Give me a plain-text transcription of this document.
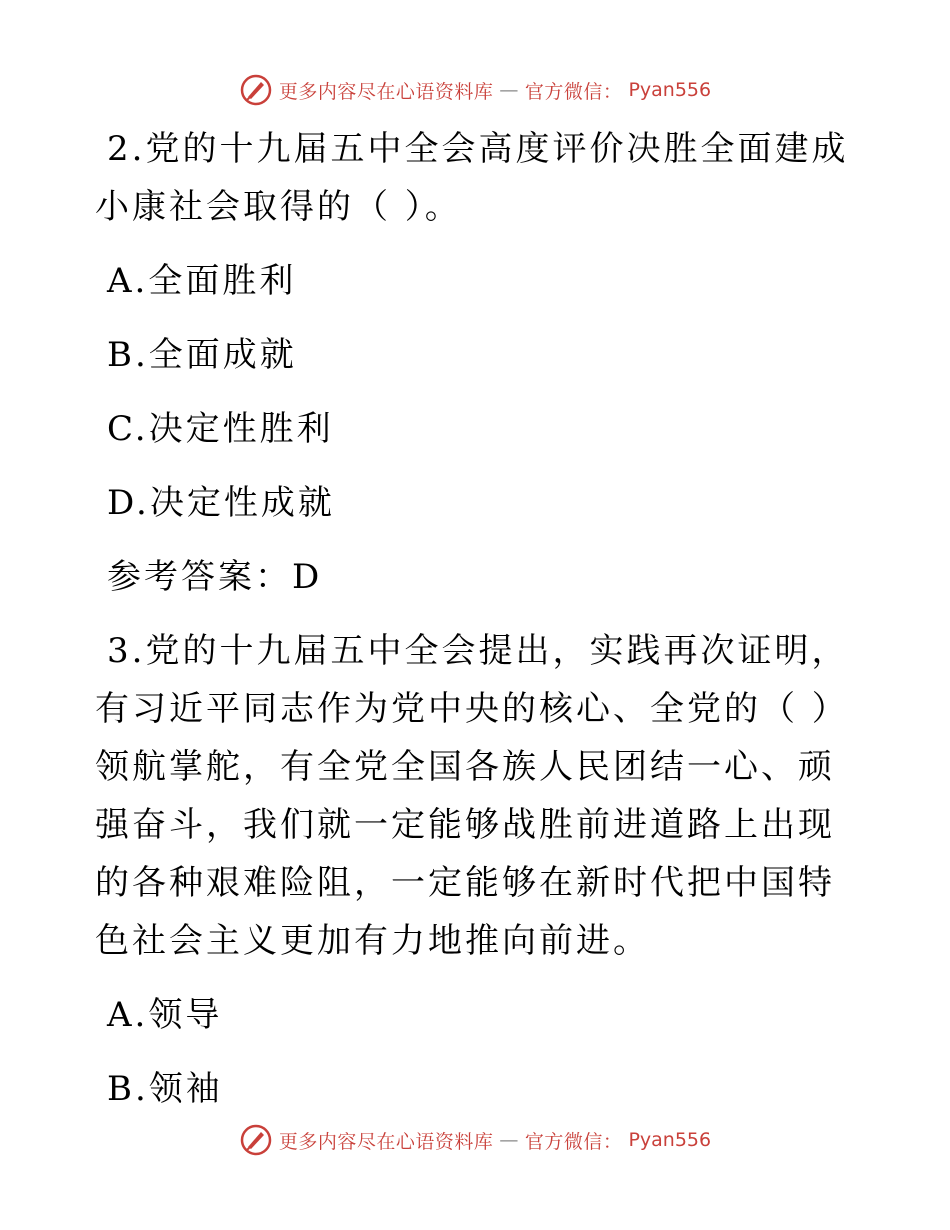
更多内容尽在心语资料库 — 官方微信： Pyan556

2.党的十九届五中全会高度评价决胜全面建成小康社会取得的（ ）。

A.全面胜利

B.全面成就

C.决定性胜利

D.决定性成就

参考答案：D

3.党的十九届五中全会提出，实践再次证明，有习近平同志作为党中央的核心、全党的（ ）领航掌舵，有全党全国各族人民团结一心、顽强奋斗，我们就一定能够战胜前进道路上出现的各种艰难险阻，一定能够在新时代把中国特色社会主义更加有力地推向前进。

A.领导

B.领袖

更多内容尽在心语资料库 — 官方微信： Pyan556
